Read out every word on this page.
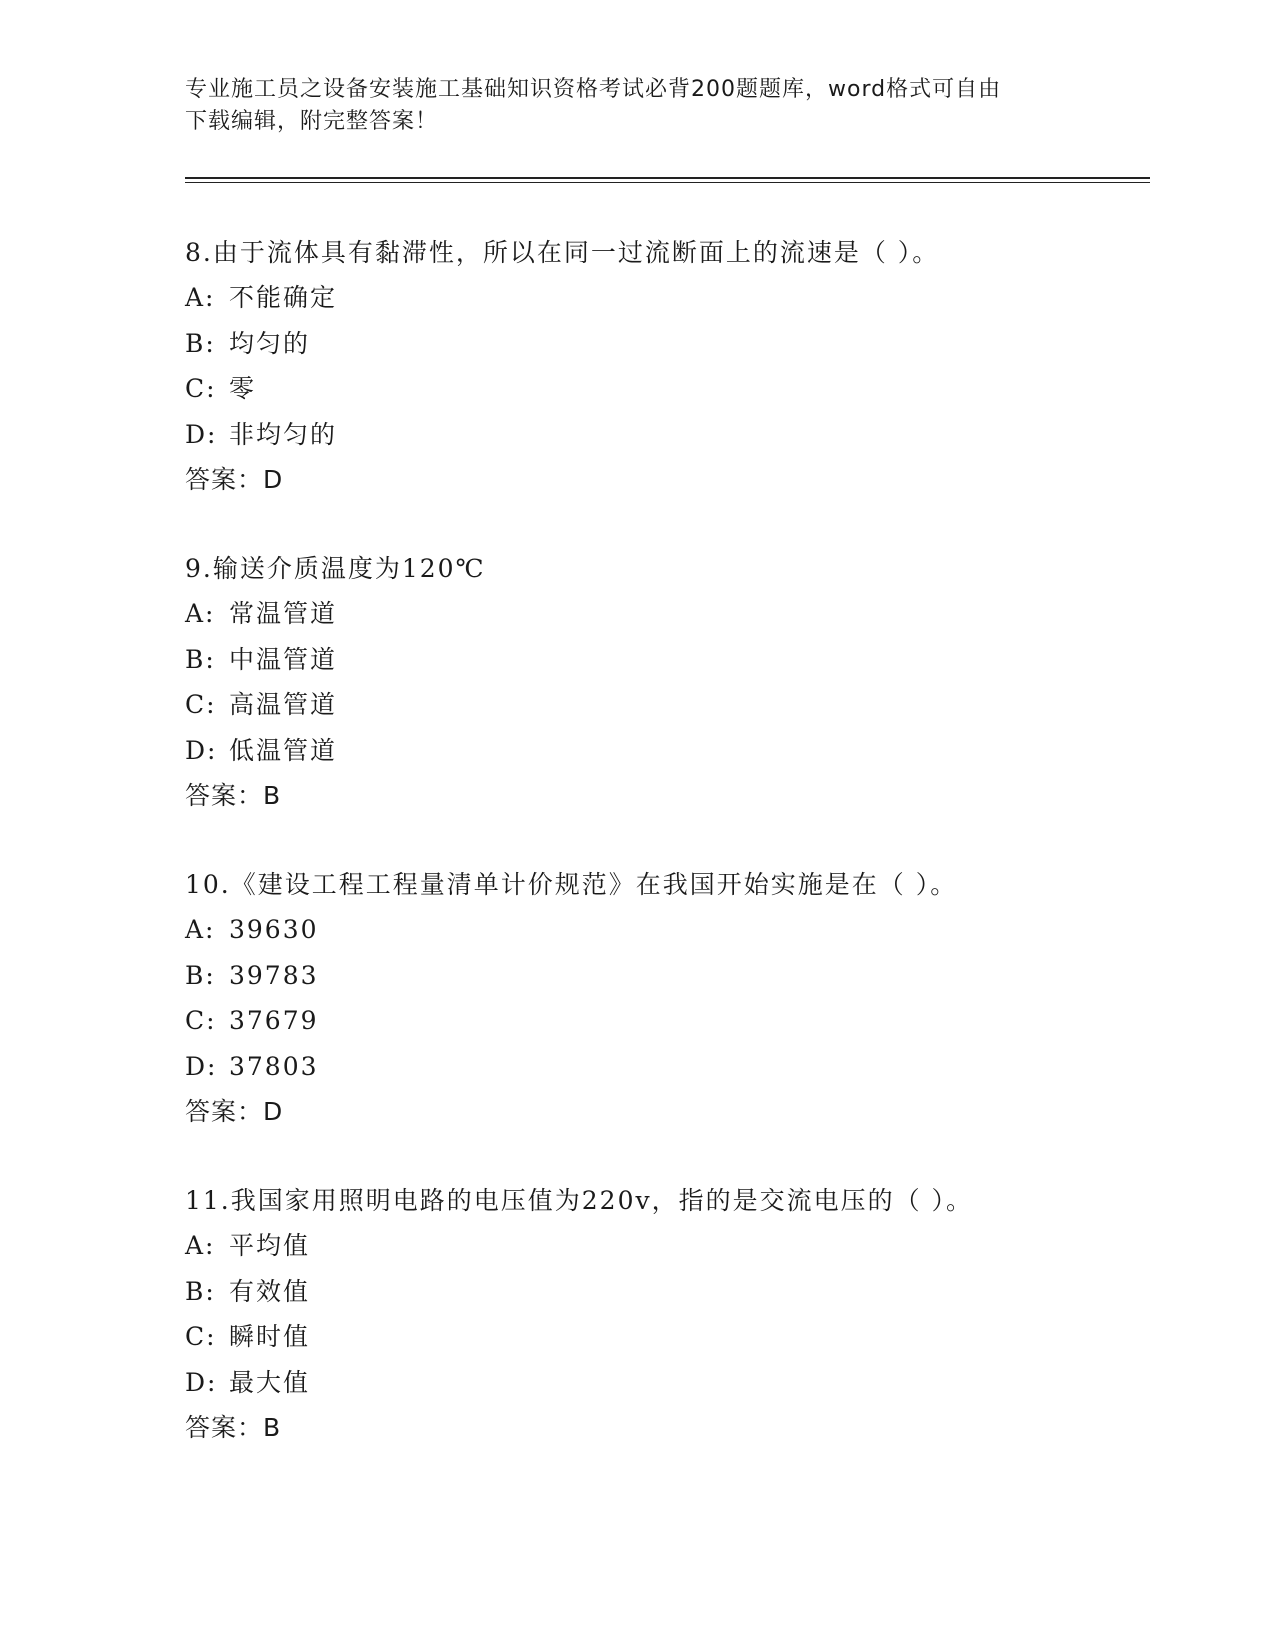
专业施工员之设备安装施工基础知识资格考试必背200题题库，word格式可自由
下载编辑，附完整答案！
8.由于流体具有黏滞性，所以在同一过流断面上的流速是（ ）。
A: 不能确定
B: 均匀的
C: 零
D: 非均匀的
答案：D
9.输送介质温度为120℃
A: 常温管道
B: 中温管道
C: 高温管道
D: 低温管道
答案：B
10.《建设工程工程量清单计价规范》在我国开始实施是在（ ）。
A: 39630
B: 39783
C: 37679
D: 37803
答案：D
11.我国家用照明电路的电压值为220v，指的是交流电压的（ ）。
A: 平均值
B: 有效值
C: 瞬时值
D: 最大值
答案：B
